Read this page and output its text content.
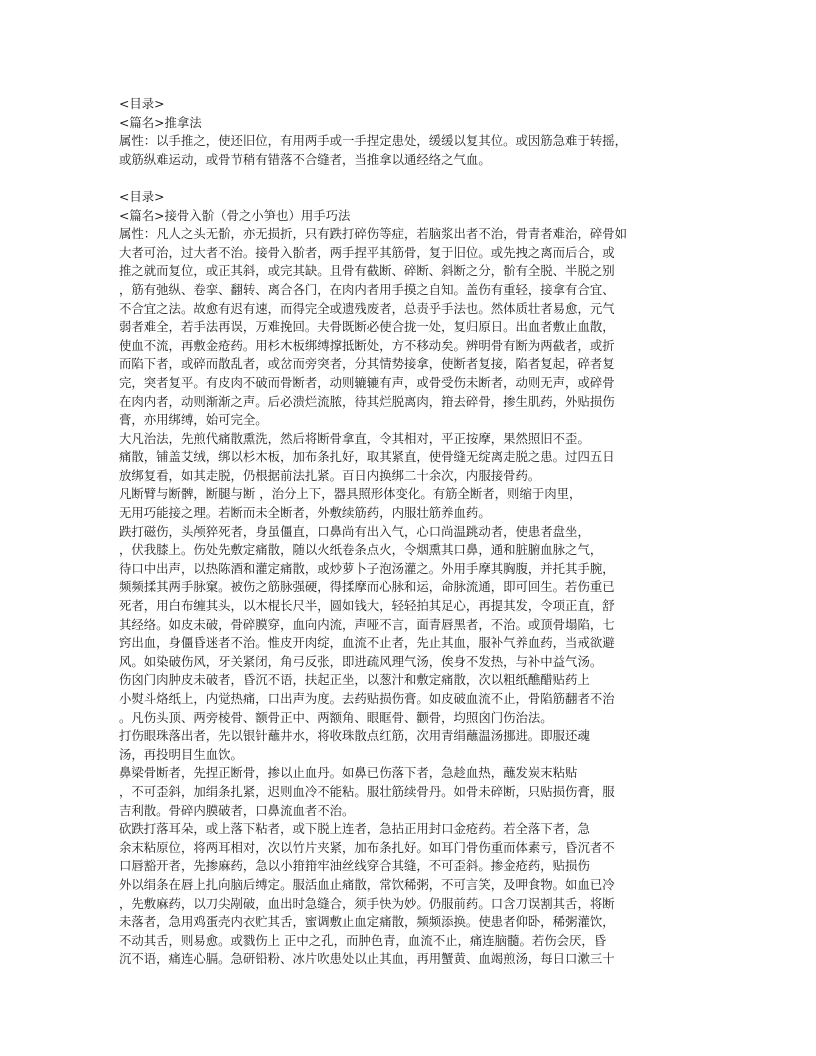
<目录>
<篇名>推拿法
属性：以手推之，使还旧位，有用两手或一手捏定患处，缓缓以复其位。或因筋急难于转摇，
或筋纵难运动，或骨节稍有错落不合缝者，当推拿以通经络之气血。
<目录>
<篇名>接骨入骱（骨之小笋也）用手巧法
属性：凡人之头无骱，亦无损折，只有跌打碎伤等症，若脑浆出者不治，骨青者难治，碎骨如
大者可治，过大者不治。接骨入骱者，两手捏平其筋骨，复于旧位。或先拽之离而后合，或
推之就而复位，或正其斜，或完其缺。且骨有截断、碎断、斜断之分，骱有全脱、半脱之别
，筋有弛纵、卷挛、翻转、离合各门，在肉内者用手摸之自知。盖伤有重轻，接拿有合宜、
不合宜之法。故愈有迟有速，而得完全或遗残废者，总责乎手法也。然体质壮者易愈，元气
弱者难全，若手法再误，万难挽回。夫骨既断必使合拢一处，复归原日。出血者敷止血散，
使血不流，再敷金疮药。用杉木板绑缚撑抵断处，方不移动矣。辨明骨有断为两截者，或折
而陷下者，或碎而散乱者，或岔而旁突者，分其情势接拿，使断者复接，陷者复起，碎者复
完，突者复平。有皮肉不破而骨断者，动则辘辘有声，或骨受伤未断者，动则无声，或碎骨
在肉内者，动则渐渐之声。后必溃烂流脓，待其烂脱离肉，箝去碎骨，掺生肌药，外贴损伤
膏，亦用绑缚，始可完全。
大凡治法，先煎代痛散熏洗，然后将断骨拿直，令其相对，平正按摩，果然照旧不歪。
痛散，铺盖艾绒，绑以杉木板，加布条扎好，取其紧直，使骨缝无绽离走脱之患。过四五日
放绑复看，如其走脱，仍根据前法扎紧。百日内换绑二十余次，内服接骨药。
凡断臂与断髀，断腿与断 ，治分上下，器具照形体变化。有筋全断者，则缩于肉里，
无用巧能接之理。若断而未全断者，外敷续筋药，内服壮筋养血药。
跌打磁伤，头颅猝死者，身虽僵直，口鼻尚有出入气，心口尚温跳动者，使患者盘坐，
，伏我膝上。伤处先敷定痛散，随以火纸卷条点火，令烟熏其口鼻，通和脏腑血脉之气，
待口中出声，以热陈酒和灌定痛散，或炒萝卜子泡汤灌之。外用手摩其胸腹，并托其手腕，
频频揉其两手脉窠。被伤之筋脉强硬，得揉摩而心脉和运，命脉流通，即可回生。若伤重已
死者，用白布缠其头，以木棍长尺半，圆如钱大，轻轻拍其足心，再提其发，令项正直，舒
其经络。如皮未破，骨碎膜穿，血向内流，声哑不言，面青唇黑者，不治。或顶骨塌陷，七
窍出血，身僵昏迷者不治。惟皮开肉绽，血流不止者，先止其血，服补气养血药，当戒欲避
风。如染破伤风，牙关紧闭，角弓反张，即进疏风理气汤，俟身不发热，与补中益气汤。
伤囟门肉肿皮未破者，昏沉不语，扶起正坐，以葱汁和敷定痛散，次以粗纸醮醋贴药上
小熨斗烙纸上，内觉热痛，口出声为度。去药贴损伤膏。如皮破血流不止，骨陷筋翻者不治
。凡伤头顶、两旁棱骨、额骨正中、两额角、眼眶骨、颧骨，均照囟门伤治法。
打伤眼珠落出者，先以银针蘸井水，将收珠散点红筋，次用青绢蘸温汤挪进。即服还魂
汤，再投明目生血饮。
鼻梁骨断者，先捏正断骨，掺以止血丹。如鼻已伤落下者，急趁血热，蘸发炭末粘贴
，不可歪斜，加绢条扎紧，迟则血冷不能粘。服壮筋续骨丹。如骨未碎断，只贴损伤膏，服
吉利散。骨碎内膜破者，口鼻流血者不治。
砍跌打落耳朵，或上落下粘者，或下脱上连者，急拈正用封口金疮药。若全落下者，急
余末粘原位，将两耳相对，次以竹片夹紧，加布条扎好。如耳门骨伤重而体素亏，昏沉者不
口唇豁开者，先掺麻药，急以小箝箝牢油丝线穿合其缝，不可歪斜。掺金疮药，贴损伤
外以绢条在唇上扎向脑后缚定。服活血止痛散，常饮稀粥，不可言笑，及呷食物。如血已冷
，先敷麻药，以刀尖剐破，血出时急缝合，须手快为妙。仍服前药。口含刀误割其舌，将断
未落者，急用鸡蛋壳内衣贮其舌，蜜调敷止血定痛散，频频添换。使患者仰卧，稀粥灌饮，
不动其舌，则易愈。或戮伤上 正中之孔，而肿色青，血流不止，痛连脑髓。若伤会厌，昏
沉不语，痛连心膈。急研铅粉、冰片吹患处以止其血，再用蟹黄、血竭煎汤，每日口漱三十
